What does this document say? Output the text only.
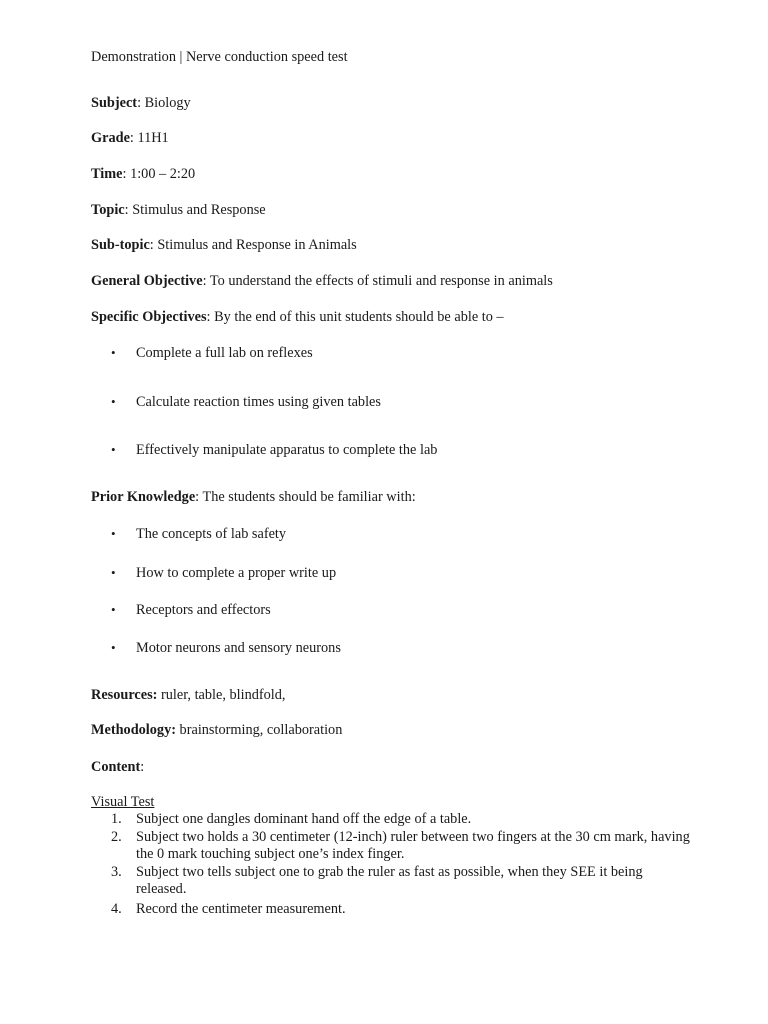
Demonstration | Nerve conduction speed test
Subject: Biology
Grade: 11H1
Time: 1:00 – 2:20
Topic: Stimulus and Response
Sub-topic: Stimulus and Response in Animals
General Objective: To understand the effects of stimuli and response in animals
Specific Objectives: By the end of this unit students should be able to –
• Complete a full lab on reflexes
• Calculate reaction times using given tables
• Effectively manipulate apparatus to complete the lab
Prior Knowledge: The students should be familiar with:
• The concepts of lab safety
• How to complete a proper write up
• Receptors and effectors
• Motor neurons and sensory neurons
Resources: ruler, table, blindfold,
Methodology: brainstorming, collaboration
Content:
Visual Test
1. Subject one dangles dominant hand off the edge of a table.
2. Subject two holds a 30 centimeter (12-inch) ruler between two fingers at the 30 cm mark, having the 0 mark touching subject one’s index finger.
3. Subject two tells subject one to grab the ruler as fast as possible, when they SEE it being released.
4. Record the centimeter measurement.
